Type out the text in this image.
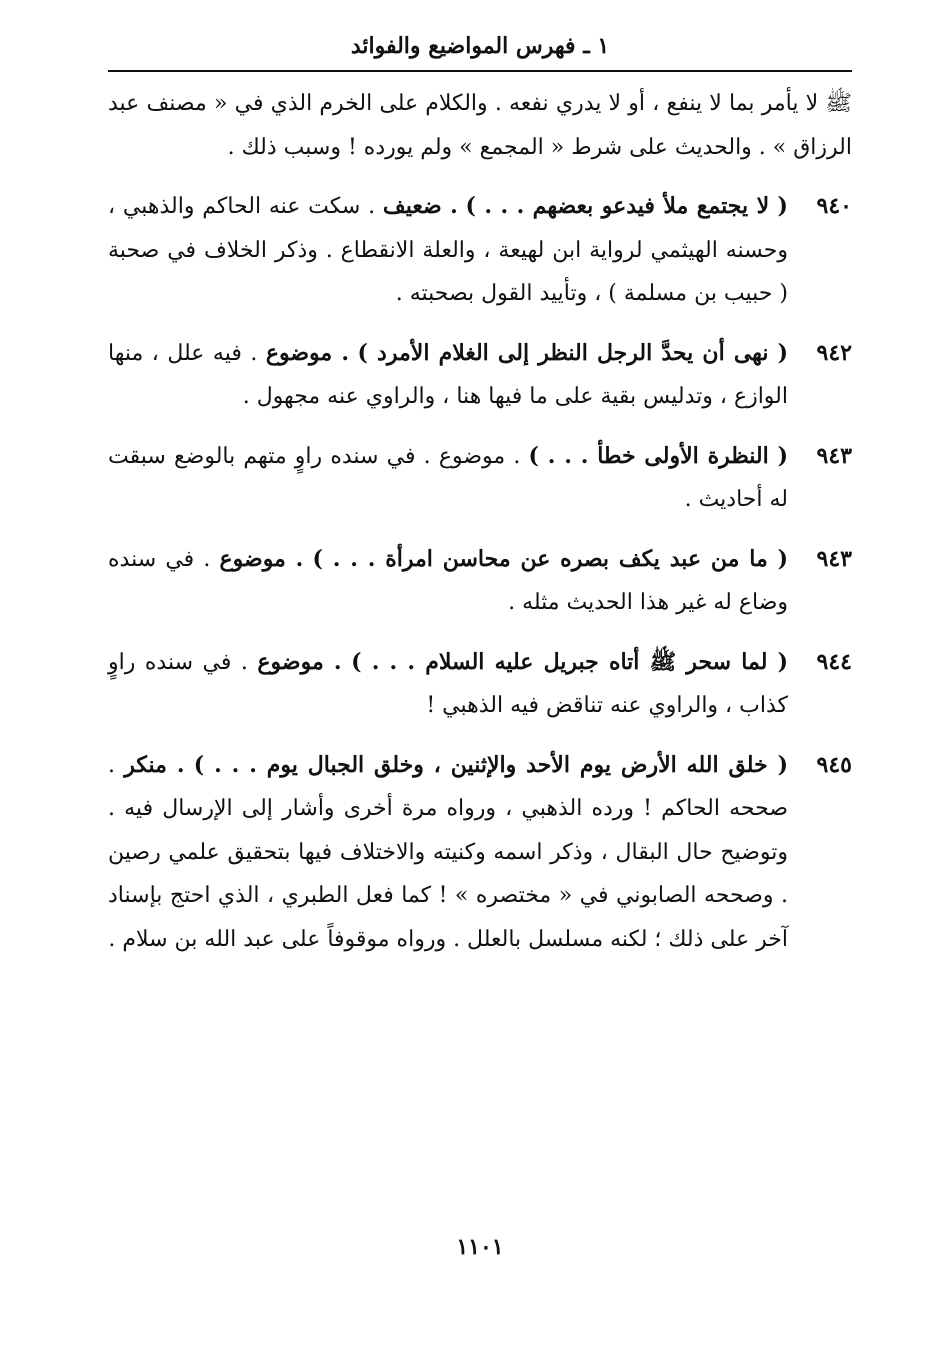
١ ـ فهرس المواضيع والفوائد

ﷺ لا يأمر بما لا ينفع ، أو لا يدري نفعه . والكلام على الخرم الذي في « مصنف عبد الرزاق » . والحديث على شرط « المجمع » ولم يورده ! وسبب ذلك .

٩٤٠
( لا يجتمع ملأ فيدعو بعضهم . . . ) . ضعيف . سكت عنه الحاكم والذهبي ، وحسنه الهيثمي لرواية ابن لهيعة ، والعلة الانقطاع . وذكر الخلاف في صحبة ( حبيب بن مسلمة ) ، وتأييد القول بصحبته .
٩٤٢
( نهى أن يحدَّ الرجل النظر إلى الغلام الأمرد ) . موضوع . فيه علل ، منها الوازع ، وتدليس بقية على ما فيها هنا ، والراوي عنه مجهول .
٩٤٣
( النظرة الأولى خطأ . . . ) . موضوع . في سنده راوٍ متهم بالوضع سبقت له أحاديث .
٩٤٣
( ما من عبد يكف بصره عن محاسن امرأة . . . ) . موضوع . في سنده وضاع له غير هذا الحديث مثله .
٩٤٤
( لما سحر ﷺ أتاه جبريل عليه السلام . . . ) . موضوع . في سنده راوٍ كذاب ، والراوي عنه تناقض فيه الذهبي !
٩٤٥
( خلق الله الأرض يوم الأحد والإثنين ، وخلق الجبال يوم . . . ) . منكر . صححه الحاكم ! ورده الذهبي ، ورواه مرة أخرى وأشار إلى الإرسال فيه . وتوضيح حال البقال ، وذكر اسمه وكنيته والاختلاف فيها بتحقيق علمي رصين . وصححه الصابوني في « مختصره » ! كما فعل الطبري ، الذي احتج بإسناد آخر على ذلك ؛ لكنه مسلسل بالعلل . ورواه موقوفاً على عبد الله بن سلام .
١١٠١
